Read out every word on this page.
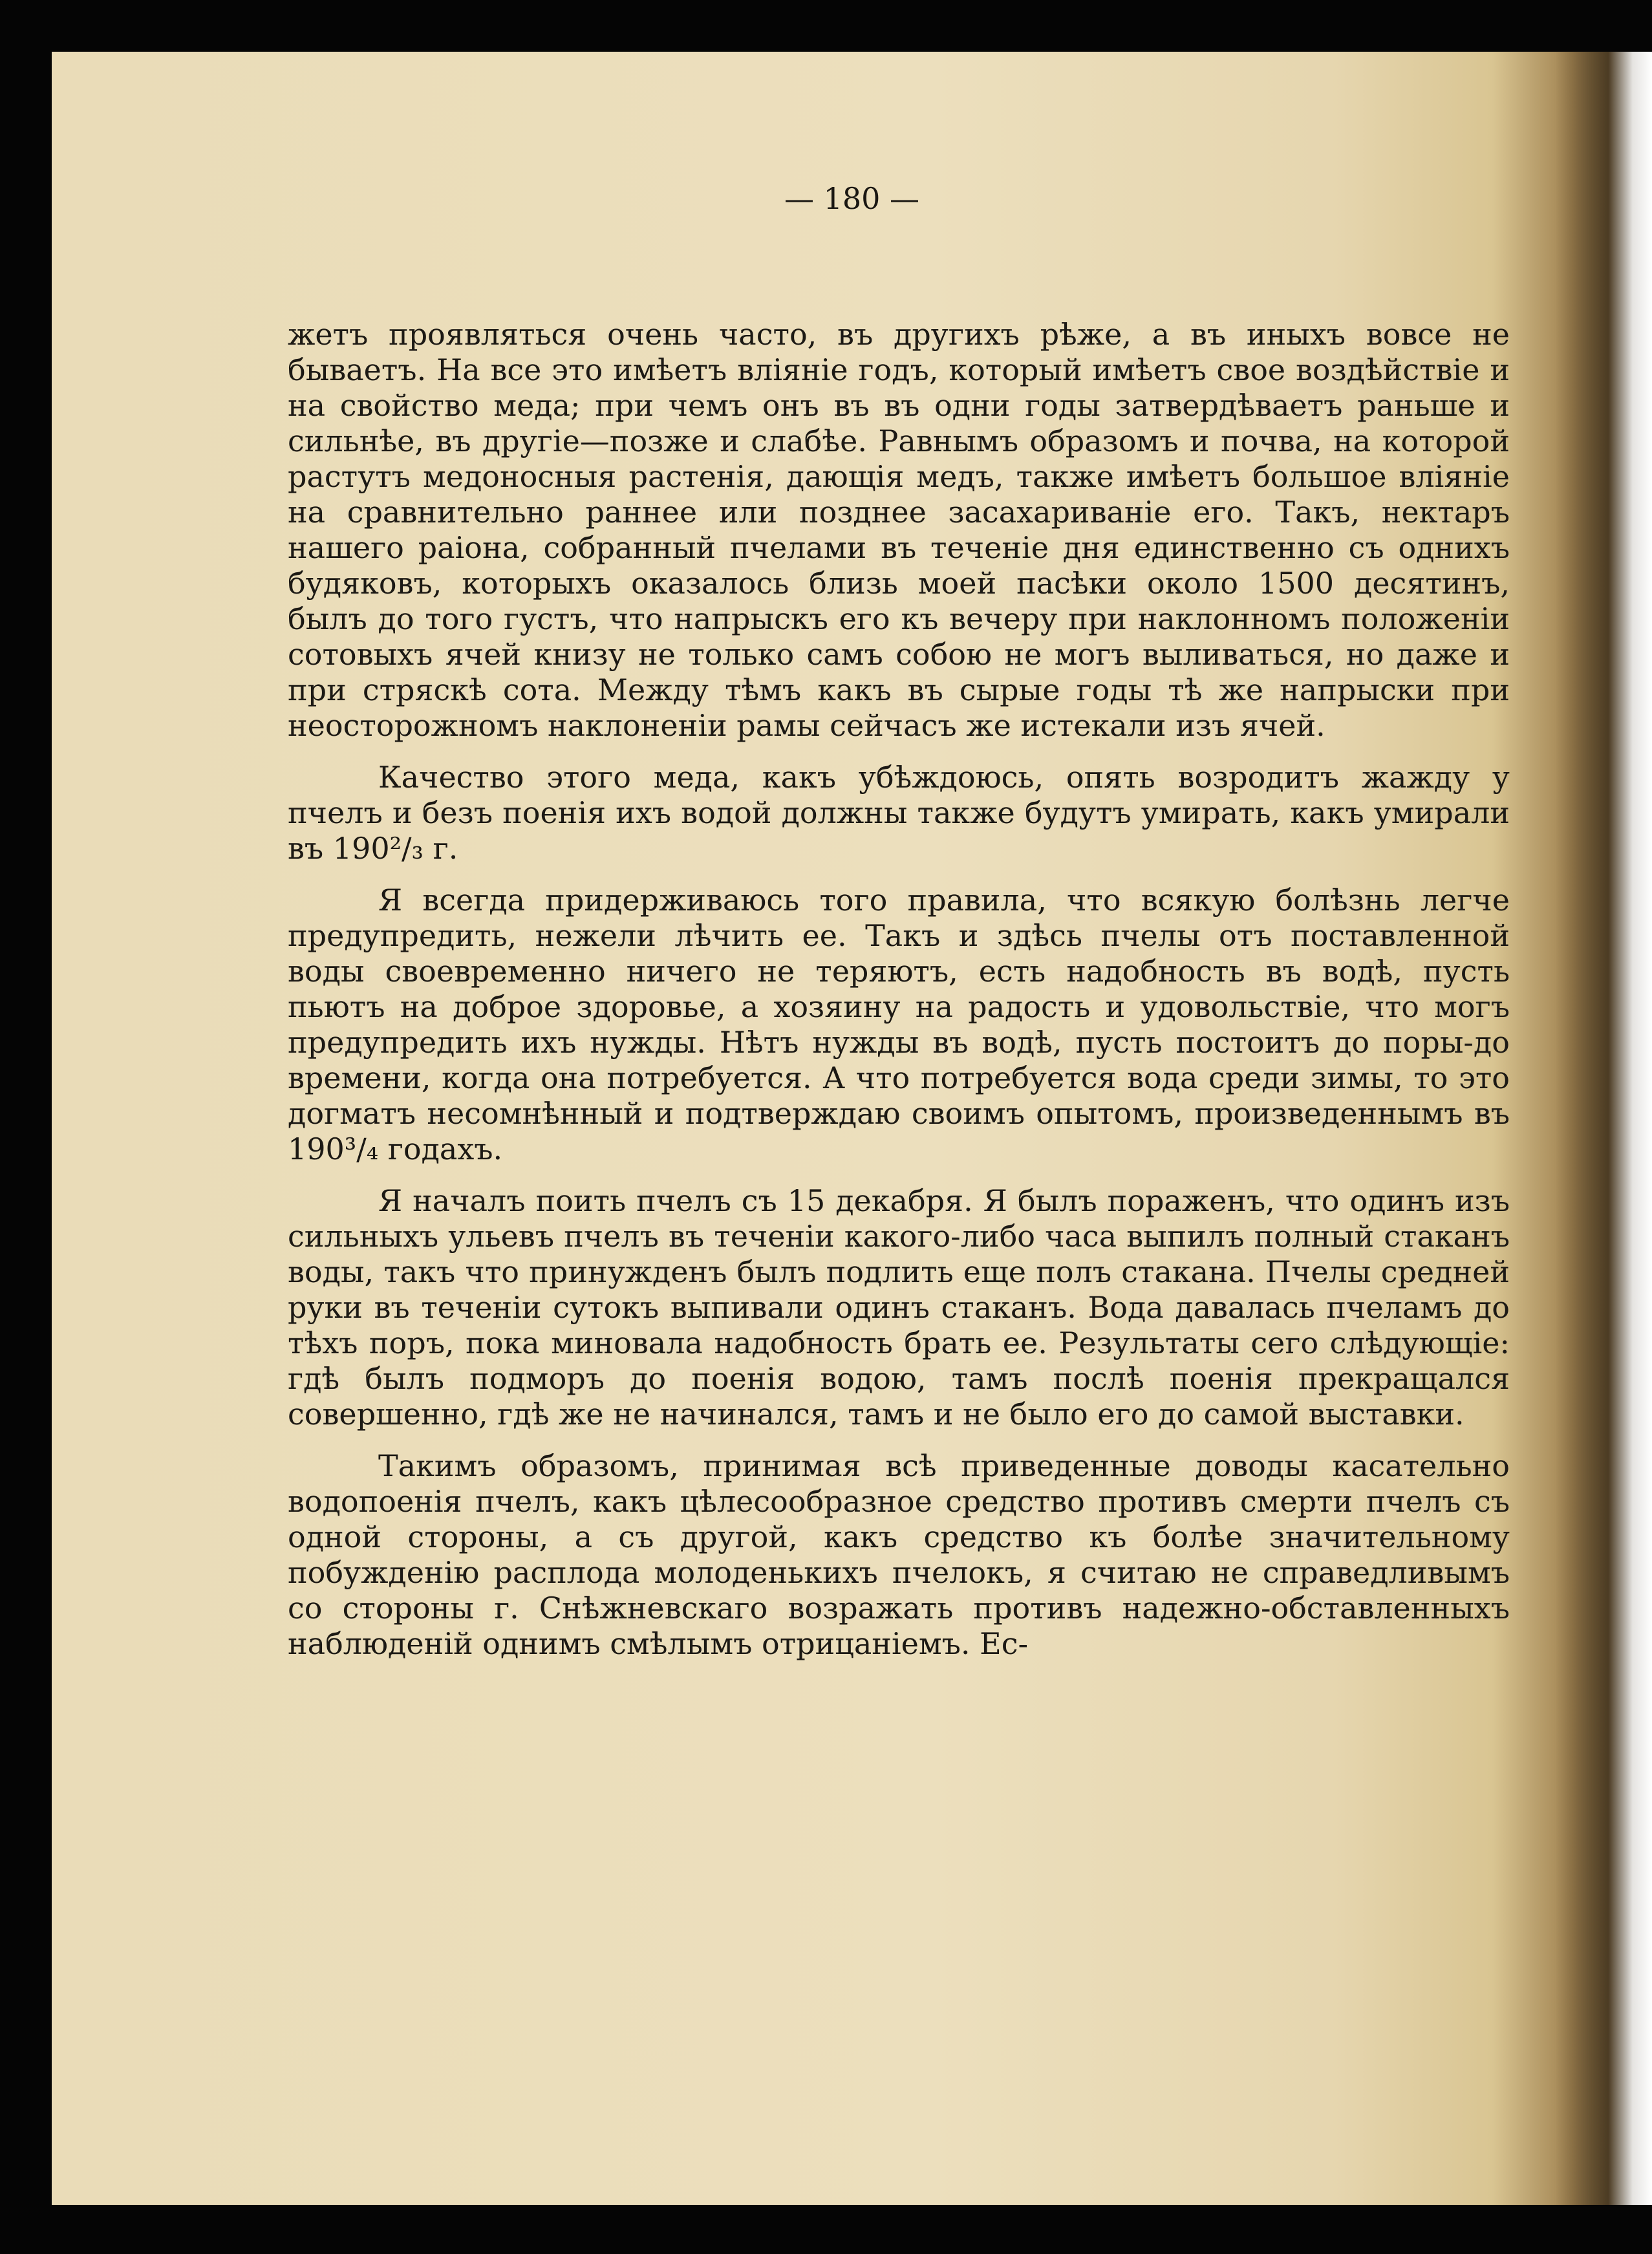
— 180 —

жетъ проявляться очень часто, въ другихъ рѣже, а въ иныхъ вовсе не бываетъ. На все это имѣетъ вліяніе годъ, который имѣетъ свое воздѣйствіе и на свойство меда; при чемъ онъ въ въ одни годы затвердѣваетъ раньше и сильнѣе, въ другіе—позже и слабѣе. Равнымъ образомъ и почва, на которой растутъ медоносныя растенія, дающія медъ, также имѣетъ большое вліяніе на сравнительно раннее или позднее засахариваніе его. Такъ, нектаръ нашего раіона, собранный пчелами въ теченіе дня единственно съ однихъ будяковъ, которыхъ оказалось близь моей пасѣки около 1500 десятинъ, былъ до того густъ, что напрыскъ его къ вечеру при наклонномъ положеніи сотовыхъ ячей книзу не только самъ собою не могъ выливаться, но даже и при стряскѣ сота. Между тѣмъ какъ въ сырые годы тѣ же напрыски при неосторожномъ наклоненіи рамы сейчасъ же истекали изъ ячей.

Качество этого меда, какъ убѣждоюсь, опять возродитъ жажду у пчелъ и безъ поенія ихъ водой должны также будутъ умирать, какъ умирали въ 190²/₃ г.

Я всегда придерживаюсь того правила, что всякую болѣзнь легче предупредить, нежели лѣчить ее. Такъ и здѣсь пчелы отъ поставленной воды своевременно ничего не теряютъ, есть надобность въ водѣ, пусть пьютъ на доброе здоровье, а хозяину на радость и удовольствіе, что могъ предупредить ихъ нужды. Нѣтъ нужды въ водѣ, пусть постоитъ до поры-до времени, когда она потребуется. А что потребуется вода среди зимы, то это догматъ несомнѣнный и подтверждаю своимъ опытомъ, произведеннымъ въ 190³/₄ годахъ.

Я началъ поить пчелъ съ 15 декабря. Я былъ пораженъ, что одинъ изъ сильныхъ ульевъ пчелъ въ теченіи какого-либо часа выпилъ полный стаканъ воды, такъ что принужденъ былъ подлить еще полъ стакана. Пчелы средней руки въ теченіи сутокъ выпивали одинъ стаканъ. Вода давалась пчеламъ до тѣхъ поръ, пока миновала надобность брать ее. Результаты сего слѣдующіе: гдѣ былъ подморъ до поенія водою, тамъ послѣ поенія прекращался совершенно, гдѣ же не начинался, тамъ и не было его до самой выставки.

Такимъ образомъ, принимая всѣ приведенные доводы касательно водопоенія пчелъ, какъ цѣлесообразное средство противъ смерти пчелъ съ одной стороны, а съ другой, какъ средство къ болѣе значительному побужденію расплода молоденькихъ пчелокъ, я считаю не справедливымъ со стороны г. Снѣжневскаго возражать противъ надежно-обставленныхъ наблюденій однимъ смѣлымъ отрицаніемъ. Ес-
